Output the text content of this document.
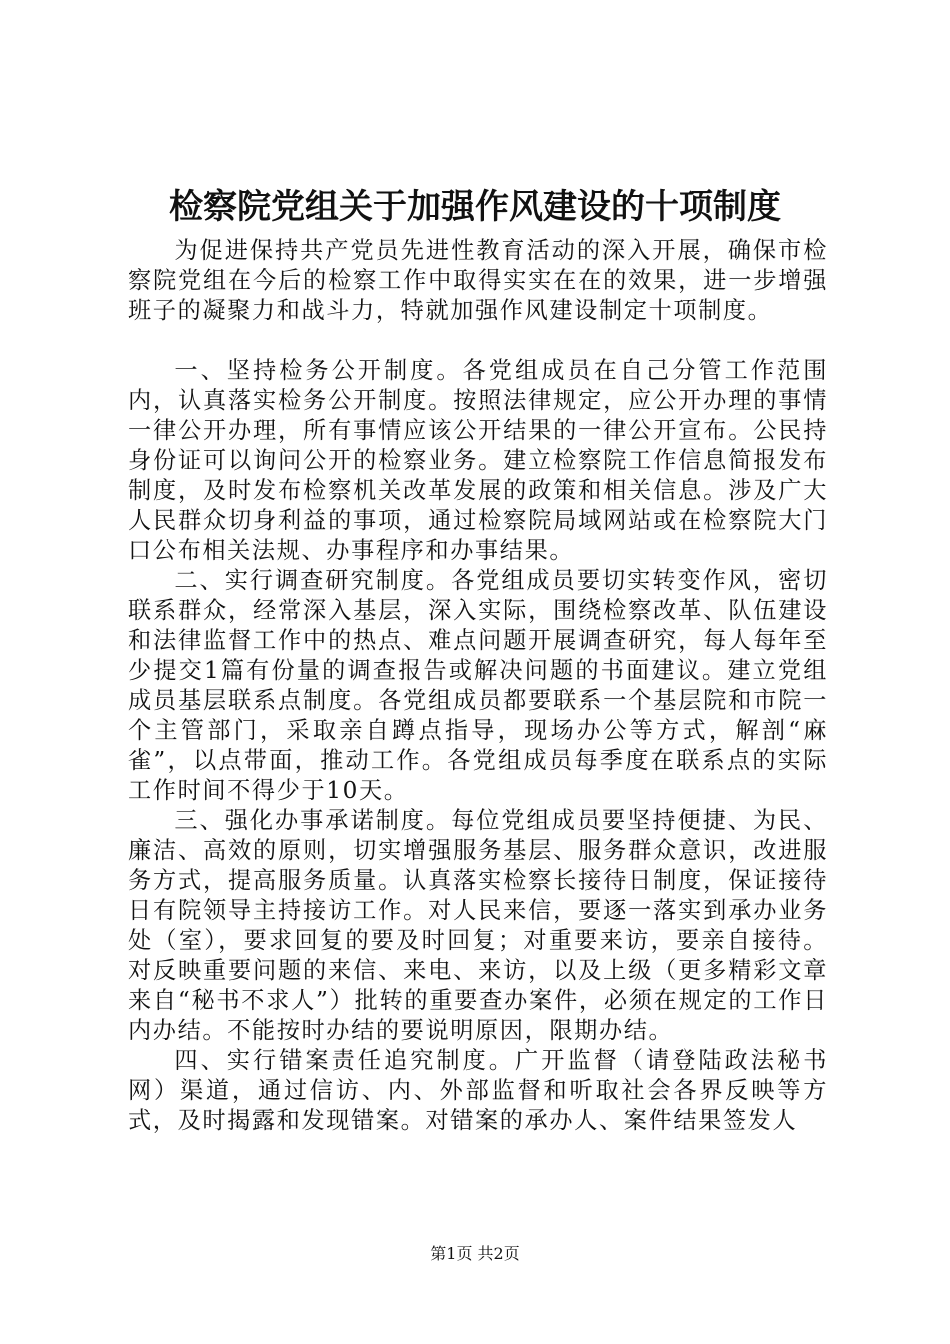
检察院党组关于加强作风建设的十项制度

为促进保持共产党员先进性教育活动的深入开展，确保市检察院党组在今后的检察工作中取得实实在在的效果，进一步增强班子的凝聚力和战斗力，特就加强作风建设制定十项制度。

一、坚持检务公开制度。各党组成员在自己分管工作范围内，认真落实检务公开制度。按照法律规定，应公开办理的事情一律公开办理，所有事情应该公开结果的一律公开宣布。公民持身份证可以询问公开的检察业务。建立检察院工作信息简报发布制度，及时发布检察机关改革发展的政策和相关信息。涉及广大人民群众切身利益的事项，通过检察院局域网站或在检察院大门口公布相关法规、办事程序和办事结果。

二、实行调查研究制度。各党组成员要切实转变作风，密切联系群众，经常深入基层，深入实际，围绕检察改革、队伍建设和法律监督工作中的热点、难点问题开展调查研究，每人每年至少提交1篇有份量的调查报告或解决问题的书面建议。建立党组成员基层联系点制度。各党组成员都要联系一个基层院和市院一个主管部门，采取亲自蹲点指导，现场办公等方式，解剖“麻雀”，以点带面，推动工作。各党组成员每季度在联系点的实际工作时间不得少于10天。

三、强化办事承诺制度。每位党组成员要坚持便捷、为民、廉洁、高效的原则，切实增强服务基层、服务群众意识，改进服务方式，提高服务质量。认真落实检察长接待日制度，保证接待日有院领导主持接访工作。对人民来信，要逐一落实到承办业务处（室），要求回复的要及时回复；对重要来访，要亲自接待。对反映重要问题的来信、来电、来访，以及上级（更多精彩文章来自“秘书不求人”）批转的重要查办案件，必须在规定的工作日内办结。不能按时办结的要说明原因，限期办结。

四、实行错案责任追究制度。广开监督（请登陆政法秘书网）渠道，通过信访、内、外部监督和听取社会各界反映等方式，及时揭露和发现错案。对错案的承办人、案件结果签发人

第1页 共2页
